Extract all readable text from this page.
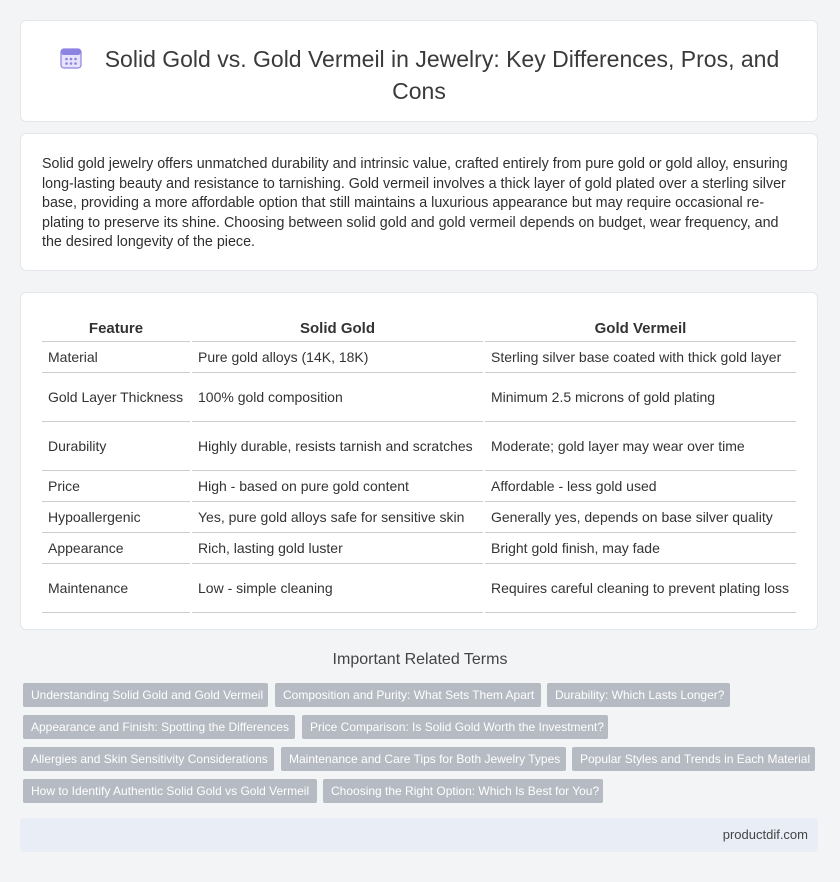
Solid Gold vs. Gold Vermeil in Jewelry: Key Differences, Pros, and Cons

Solid gold jewelry offers unmatched durability and intrinsic value, crafted entirely from pure gold or gold alloy, ensuring long-lasting beauty and resistance to tarnishing. Gold vermeil involves a thick layer of gold plated over a sterling silver base, providing a more affordable option that still maintains a luxurious appearance but may require occasional re-plating to preserve its shine. Choosing between solid gold and gold vermeil depends on budget, wear frequency, and the desired longevity of the piece.

Feature	Solid Gold	Gold Vermeil
Material	Pure gold alloys (14K, 18K)	Sterling silver base coated with thick gold layer
Gold Layer Thickness	100% gold composition	Minimum 2.5 microns of gold plating
Durability	Highly durable, resists tarnish and scratches	Moderate; gold layer may wear over time
Price	High - based on pure gold content	Affordable - less gold used
Hypoallergenic	Yes, pure gold alloys safe for sensitive skin	Generally yes, depends on base silver quality
Appearance	Rich, lasting gold luster	Bright gold finish, may fade
Maintenance	Low - simple cleaning	Requires careful cleaning to prevent plating loss
Important Related Terms
Understanding Solid Gold and Gold Vermeil	Composition and Purity: What Sets Them Apart	Durability: Which Lasts Longer?
Appearance and Finish: Spotting the Differences	Price Comparison: Is Solid Gold Worth the Investment?
Allergies and Skin Sensitivity Considerations	Maintenance and Care Tips for Both Jewelry Types	Popular Styles and Trends in Each Material
How to Identify Authentic Solid Gold vs Gold Vermeil	Choosing the Right Option: Which Is Best for You?
productdif.com
